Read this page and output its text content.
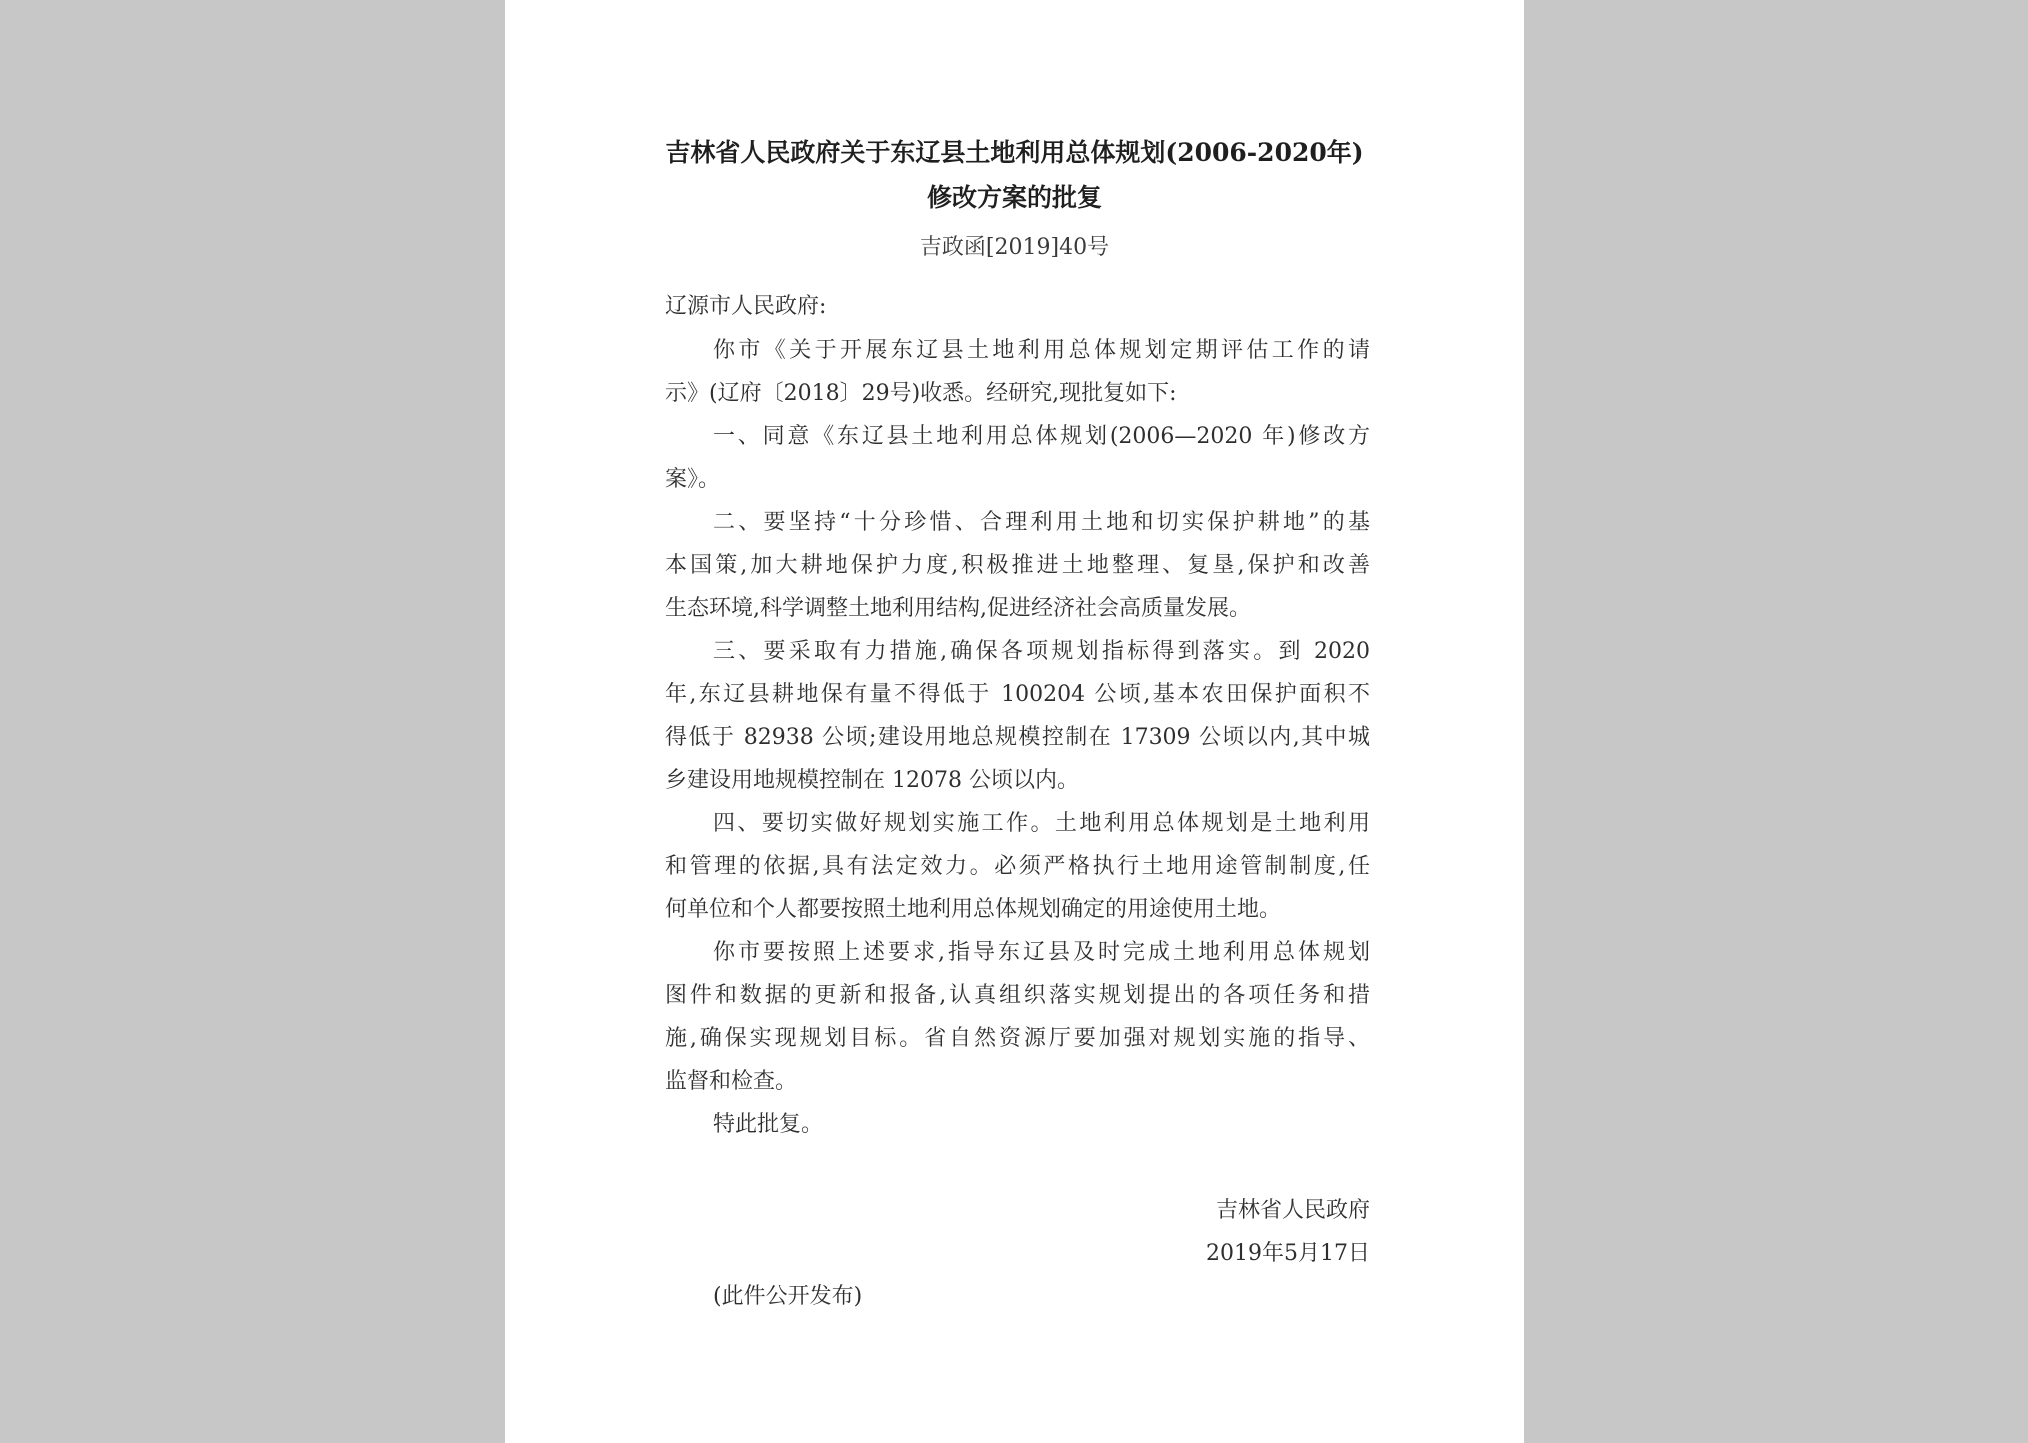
吉林省人民政府关于东辽县土地利用总体规划(2006-2020年)
修改方案的批复
吉政函[2019]40号
辽源市人民政府:
你市《关于开展东辽县土地利用总体规划定期评估工作的请
示》(辽府〔2018〕29号)收悉。经研究,现批复如下:
一、同意《东辽县土地利用总体规划(2006—2020 年)修改方
案》。
二、要坚持“十分珍惜、合理利用土地和切实保护耕地”的基
本国策,加大耕地保护力度,积极推进土地整理、复垦,保护和改善
生态环境,科学调整土地利用结构,促进经济社会高质量发展。
三、要采取有力措施,确保各项规划指标得到落实。到 2020
年,东辽县耕地保有量不得低于 100204 公顷,基本农田保护面积不
得低于 82938 公顷;建设用地总规模控制在 17309 公顷以内,其中城
乡建设用地规模控制在 12078 公顷以内。
四、要切实做好规划实施工作。土地利用总体规划是土地利用
和管理的依据,具有法定效力。必须严格执行土地用途管制制度,任
何单位和个人都要按照土地利用总体规划确定的用途使用土地。
你市要按照上述要求,指导东辽县及时完成土地利用总体规划
图件和数据的更新和报备,认真组织落实规划提出的各项任务和措
施,确保实现规划目标。省自然资源厅要加强对规划实施的指导、
监督和检查。
特此批复。
吉林省人民政府
2019年5月17日
(此件公开发布)
